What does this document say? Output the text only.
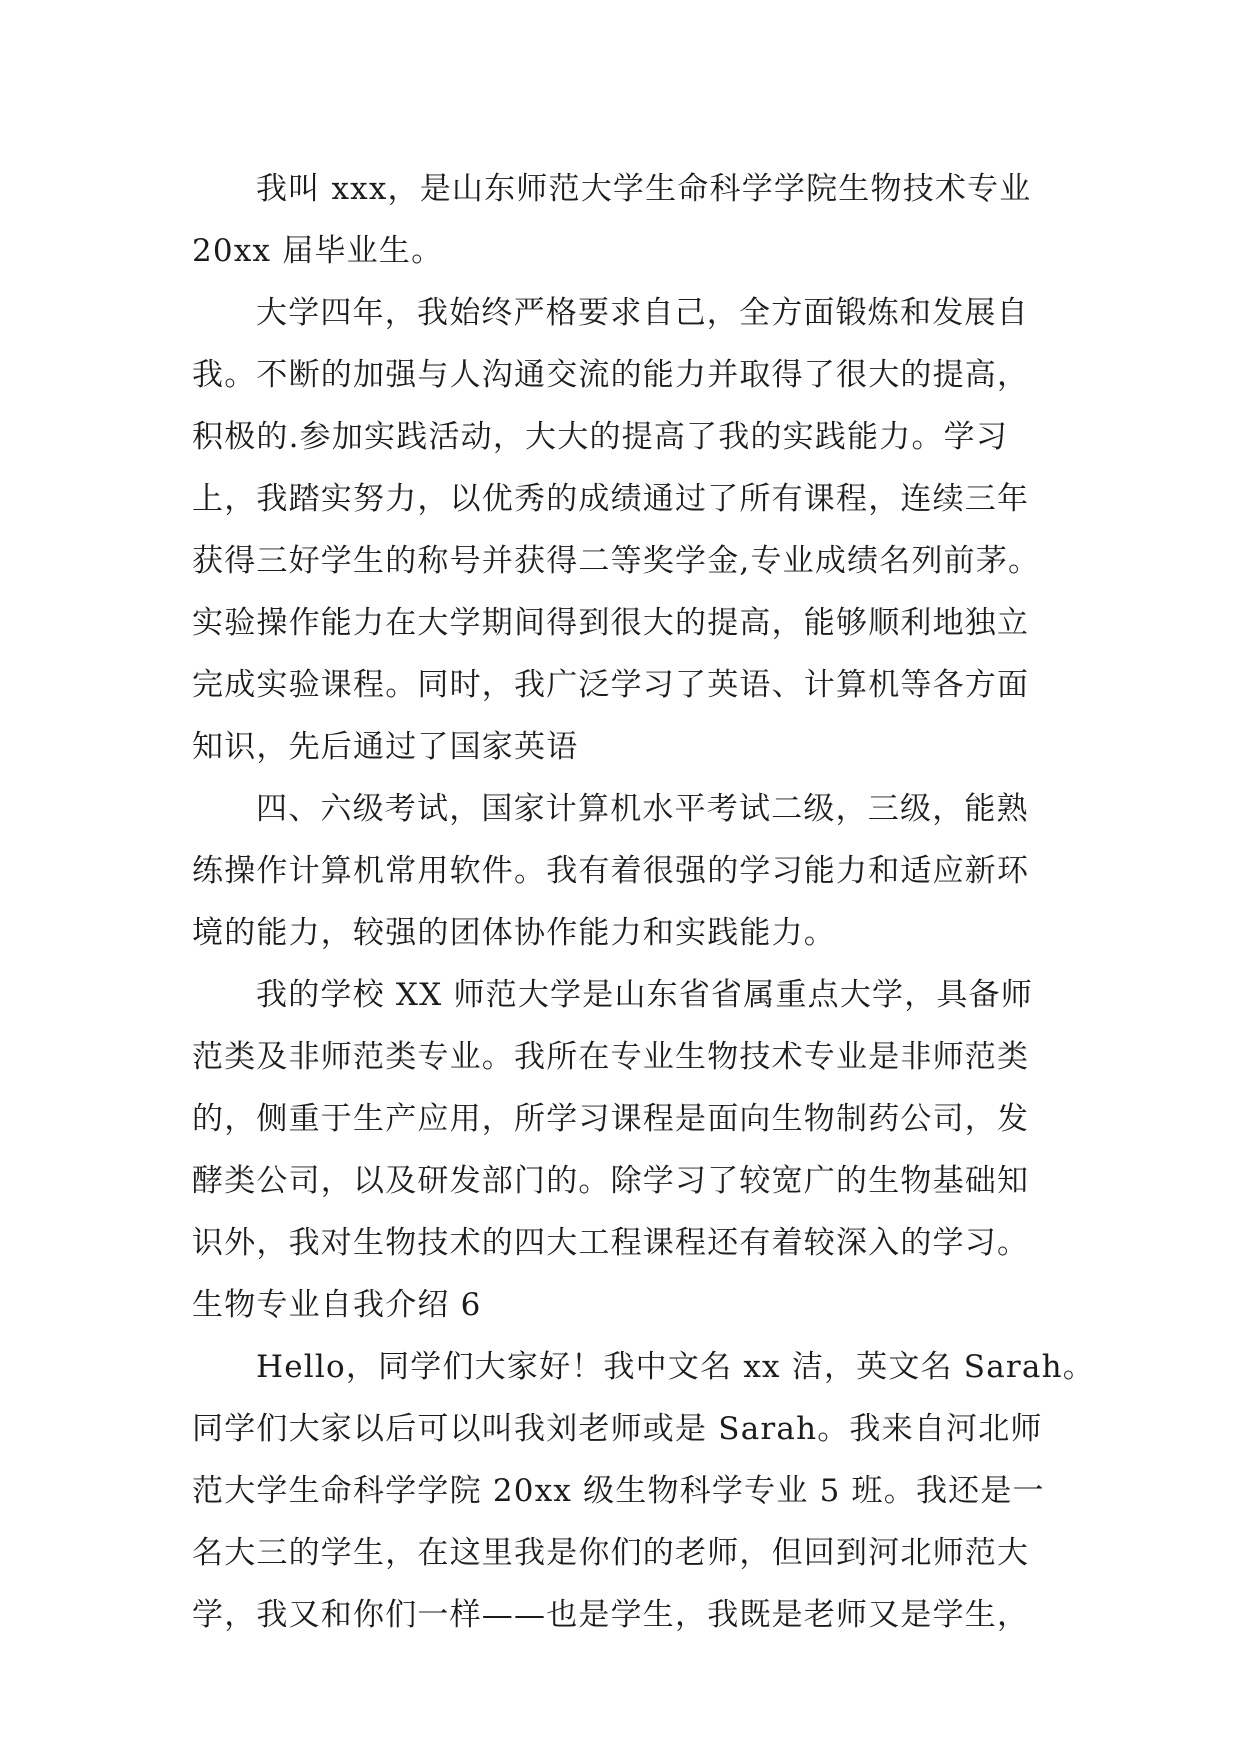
我叫 xxx，是山东师范大学生命科学学院生物技术专业
20xx 届毕业生。
大学四年，我始终严格要求自己，全方面锻炼和发展自
我。不断的加强与人沟通交流的能力并取得了很大的提高，
积极的.参加实践活动，大大的提高了我的实践能力。学习
上，我踏实努力，以优秀的成绩通过了所有课程，连续三年
获得三好学生的称号并获得二等奖学金,专业成绩名列前茅。
实验操作能力在大学期间得到很大的提高，能够顺利地独立
完成实验课程。同时，我广泛学习了英语、计算机等各方面
知识，先后通过了国家英语
四、六级考试，国家计算机水平考试二级，三级，能熟
练操作计算机常用软件。我有着很强的学习能力和适应新环
境的能力，较强的团体协作能力和实践能力。
我的学校 XX 师范大学是山东省省属重点大学，具备师
范类及非师范类专业。我所在专业生物技术专业是非师范类
的，侧重于生产应用，所学习课程是面向生物制药公司，发
酵类公司，以及研发部门的。除学习了较宽广的生物基础知
识外，我对生物技术的四大工程课程还有着较深入的学习。
生物专业自我介绍 6
Hello，同学们大家好！我中文名 xx 洁，英文名 Sarah。
同学们大家以后可以叫我刘老师或是 Sarah。我来自河北师
范大学生命科学学院 20xx 级生物科学专业 5 班。我还是一
名大三的学生，在这里我是你们的老师，但回到河北师范大
学，我又和你们一样——也是学生，我既是老师又是学生，
